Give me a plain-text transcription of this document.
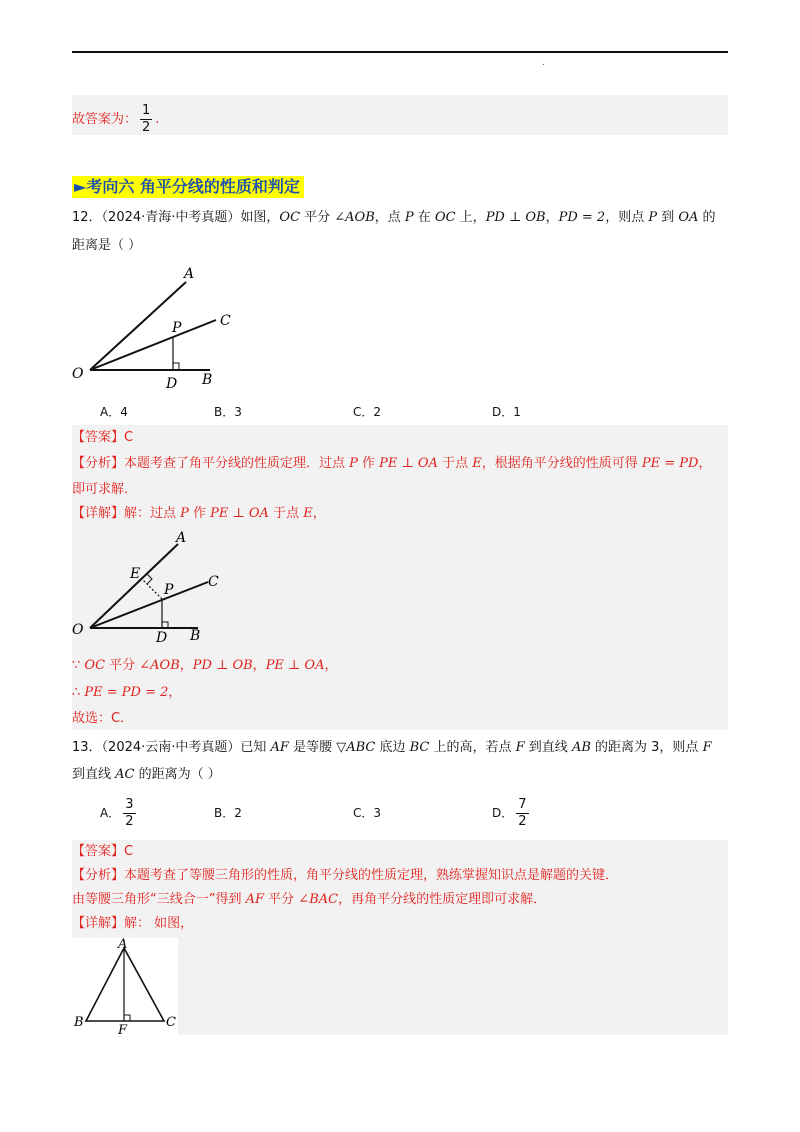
.
故答案为： $\frac{1}{2}$ .
►考向六 角平分线的性质和判定
12．（2024·青海·中考真题）如图，OC 平分 ∠AOB，点 P 在 OC 上，PD ⊥ OB，PD = 2，则点 P 到 OA 的
距离是（ ）
A
C
P
O
D B
A．4	B．3	C．2	D．1
【答案】C
【分析】本题考查了角平分线的性质定理．过点 P 作 PE ⊥ OA 于点 E，根据角平分线的性质可得 PE = PD，
即可求解．
【详解】解：过点 P 作 PE ⊥ OA 于点 E，
A
E
P C
O	D B
∵ OC 平分 ∠AOB，PD ⊥ OB，PE ⊥ OA，
∴ PE = PD = 2，
故选：C．
13．（2024·云南·中考真题）已知 AF 是等腰 ▽ABC 底边 BC 上的高，若点 F 到直线 AB 的距离为 3，则点 F
到直线 AC 的距离为（ ）
A． $\frac{3}{2}$	B．2	C．3	D． $\frac{7}{2}$
【答案】C
【分析】本题考查了等腰三角形的性质，角平分线的性质定理，熟练掌握知识点是解题的关键．
由等腰三角形“三线合一”得到 AF 平分 ∠BAC，再角平分线的性质定理即可求解．
【详解】解： 如图，
A
B	C
F
